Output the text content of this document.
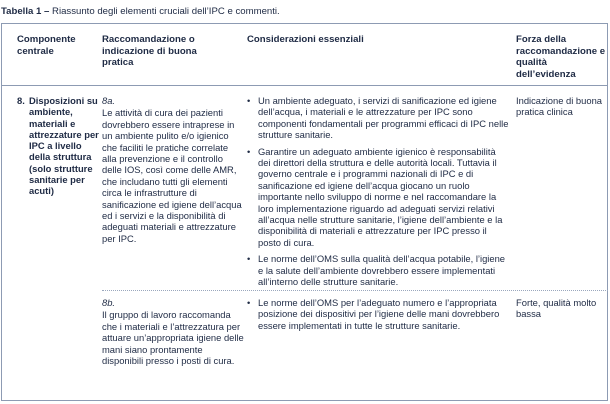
Tabella 1 – Riassunto degli elementi cruciali dell’IPC e commenti.
Componente centrale
Raccomandazione o indicazione di buona pratica
Considerazioni essenziali	Forza della raccomandazione e qualità dell’evidenza
8. Disposizioni su ambiente, materiali e attrezzature per IPC a livello della struttura (solo strutture sanitarie per acuti)
8a.
Le attività di cura dei pazienti dovrebbero essere intraprese in un ambiente pulito e/o igienico che faciliti le pratiche correlate alla prevenzione e il controllo delle IOS, così come delle AMR, che includano tutti gli elementi circa le infrastrutture di sanificazione ed igiene dell’acqua ed i servizi e la disponibilità di adeguati materiali e attrezzature per IPC.
• Un ambiente adeguato, i servizi di sanificazione ed igiene dell’acqua, i materiali e le attrezzature per IPC sono componenti fondamentali per programmi efficaci di IPC nelle strutture sanitarie.
• Garantire un adeguato ambiente igienico è responsabilità dei direttori della struttura e delle autorità locali. Tuttavia il governo centrale e i programmi nazionali di IPC e di sanificazione ed igiene dell’acqua giocano un ruolo importante nello sviluppo di norme e nel raccomandare la loro implementazione riguardo ad adeguati servizi relativi all’acqua nelle strutture sanitarie, l’igiene dell’ambiente e la disponibilità di materiali e attrezzature per IPC presso il posto di cura.
• Le norme dell’OMS sulla qualità dell’acqua potabile, l’igiene e la salute dell’ambiente dovrebbero essere implementati all’interno delle strutture sanitarie.
Indicazione di buona pratica clinica
8b.
Il gruppo di lavoro raccomanda che i materiali e l’attrezzatura per attuare un’appropriata igiene delle mani siano prontamente disponibili presso i posti di cura.
• Le norme dell’OMS per l’adeguato numero e l’appropriata posizione dei dispositivi per l’igiene delle mani dovrebbero essere implementati in tutte le strutture sanitarie.
Forte, qualità molto bassa
